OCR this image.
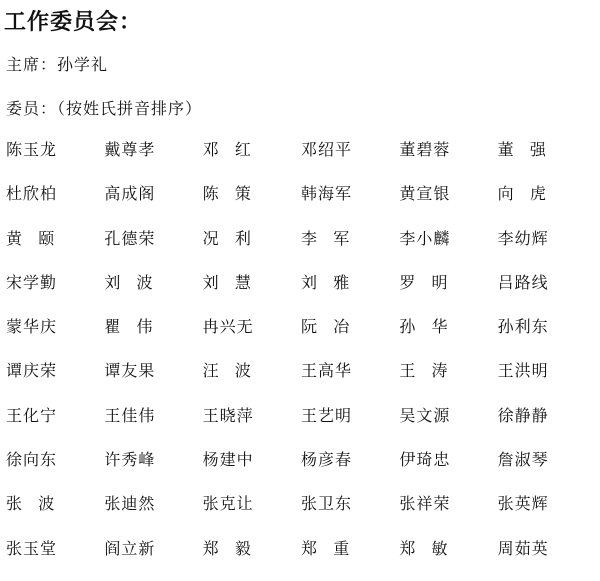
工作委员会：
主席：孙学礼
委员：（按姓氏拼音排序）
陈玉龙	戴尊孝	邓 红	邓绍平	董碧蓉	董 强
杜欣柏	高成阁	陈 策	韩海军	黄宣银	向 虎
黄 颐	孔德荣	况 利	李 军	李小麟	李幼辉
宋学勤	刘 波	刘 慧	刘 雅	罗 明	吕路线
蒙华庆	瞿 伟	冉兴无	阮 冶	孙 华	孙利东
谭庆荣	谭友果	汪 波	王高华	王 涛	王洪明
王化宁	王佳伟	王晓萍	王艺明	吴文源	徐静静
徐向东	许秀峰	杨建中	杨彦春	伊琦忠	詹淑琴
张 波	张迪然	张克让	张卫东	张祥荣	张英辉
张玉堂	阎立新	郑 毅	郑 重	郑 敏	周茹英
